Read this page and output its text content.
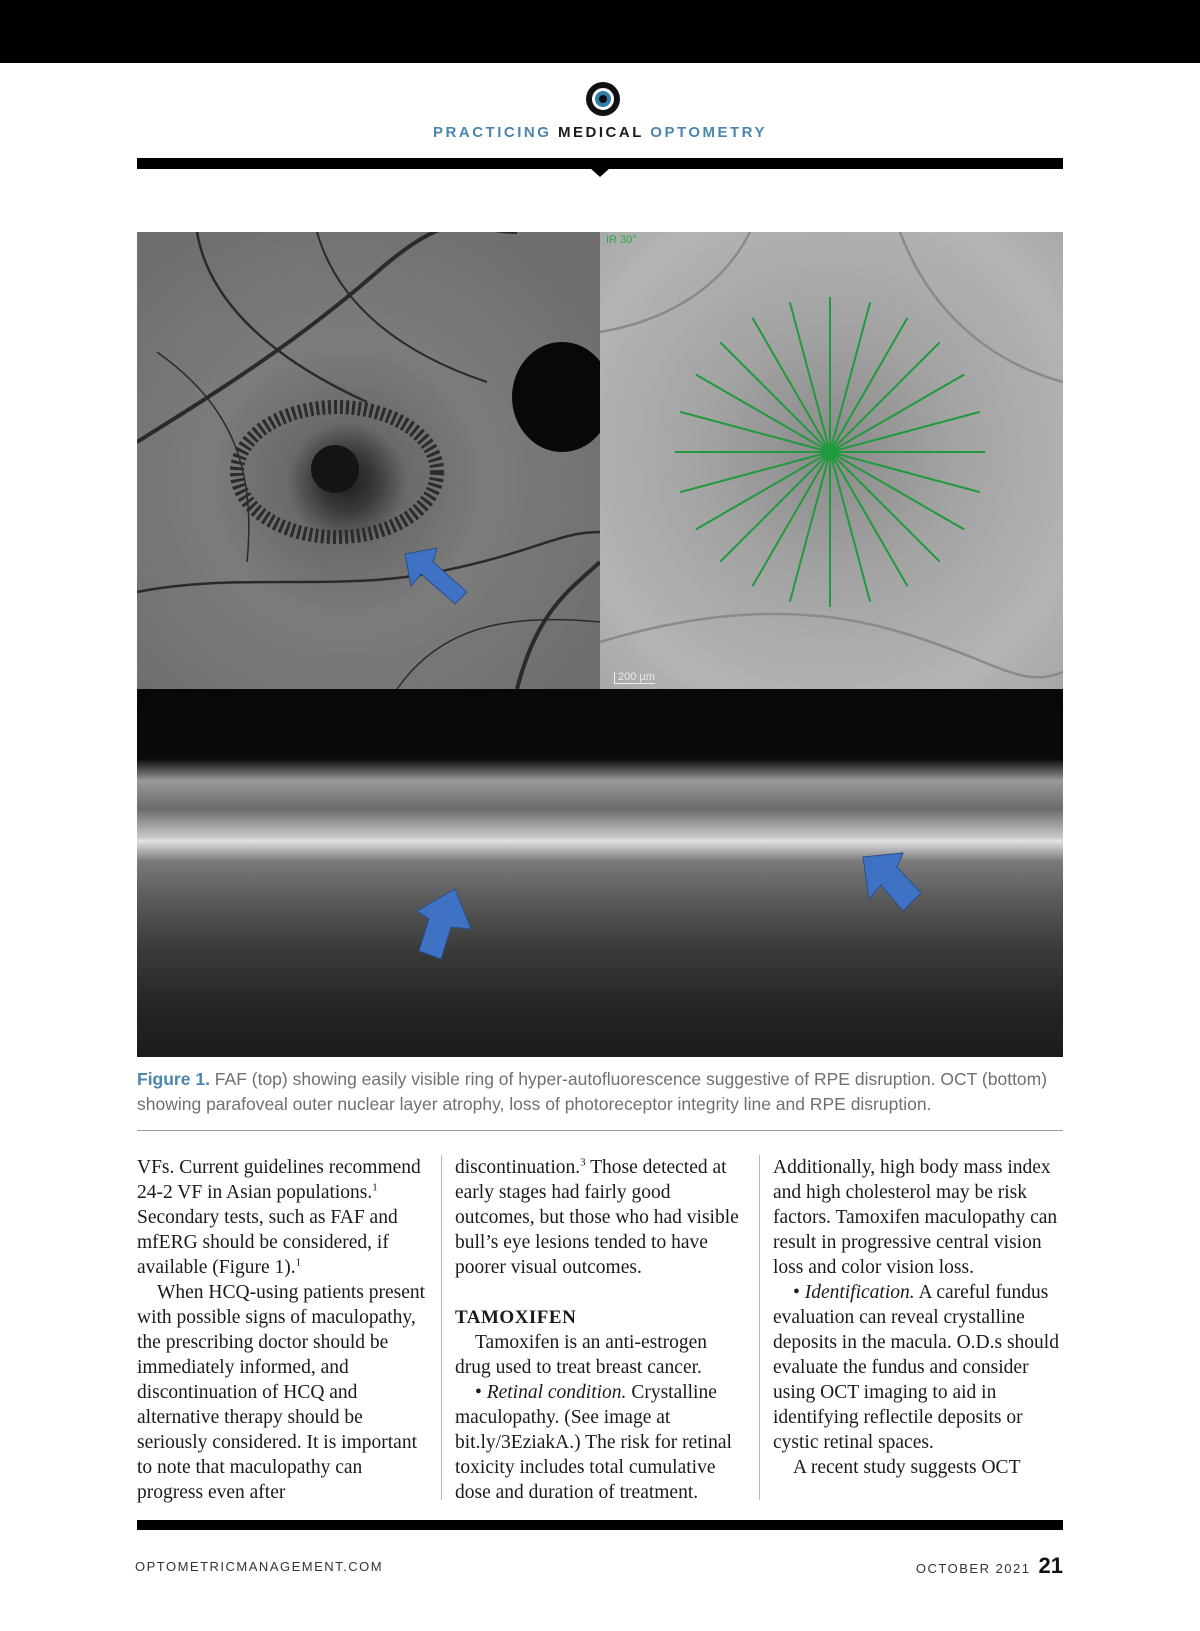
PRACTICING MEDICAL OPTOMETRY
IR 30°
200 µm
Figure 1. FAF (top) showing easily visible ring of hyper-autofluorescence suggestive of RPE disruption. OCT (bottom) showing parafoveal outer nuclear layer atrophy, loss of photoreceptor integrity line and RPE disruption.

VFs. Current guidelines recommend 24-2 VF in Asian populations.$^1$ Secondary tests, such as FAF and mfERG should be considered, if available (Figure 1).$^1$

When HCQ-using patients present with possible signs of maculopathy, the prescribing doctor should be immediately informed, and discontinuation of HCQ and alternative therapy should be seriously considered. It is important to note that maculopathy can progress even after

discontinuation.$^3$ Those detected at early stages had fairly good outcomes, but those who had visible bull’s eye lesions tended to have poorer visual outcomes.

TAMOXIFEN

Tamoxifen is an anti-estrogen drug used to treat breast cancer.

• Retinal condition. Crystalline maculopathy. (See image at bit.ly/3EziakA.) The risk for retinal toxicity includes total cumulative dose and duration of treatment.

Additionally, high body mass index and high cholesterol may be risk factors. Tamoxifen maculopathy can result in progressive central vision loss and color vision loss.

• Identification. A careful fundus evaluation can reveal crystalline deposits in the macula. O.D.s should evaluate the fundus and consider using OCT imaging to aid in identifying reflectile deposits or cystic retinal spaces.

A recent study suggests OCT

OPTOMETRICMANAGEMENT.COM	OCTOBER 2021 21
